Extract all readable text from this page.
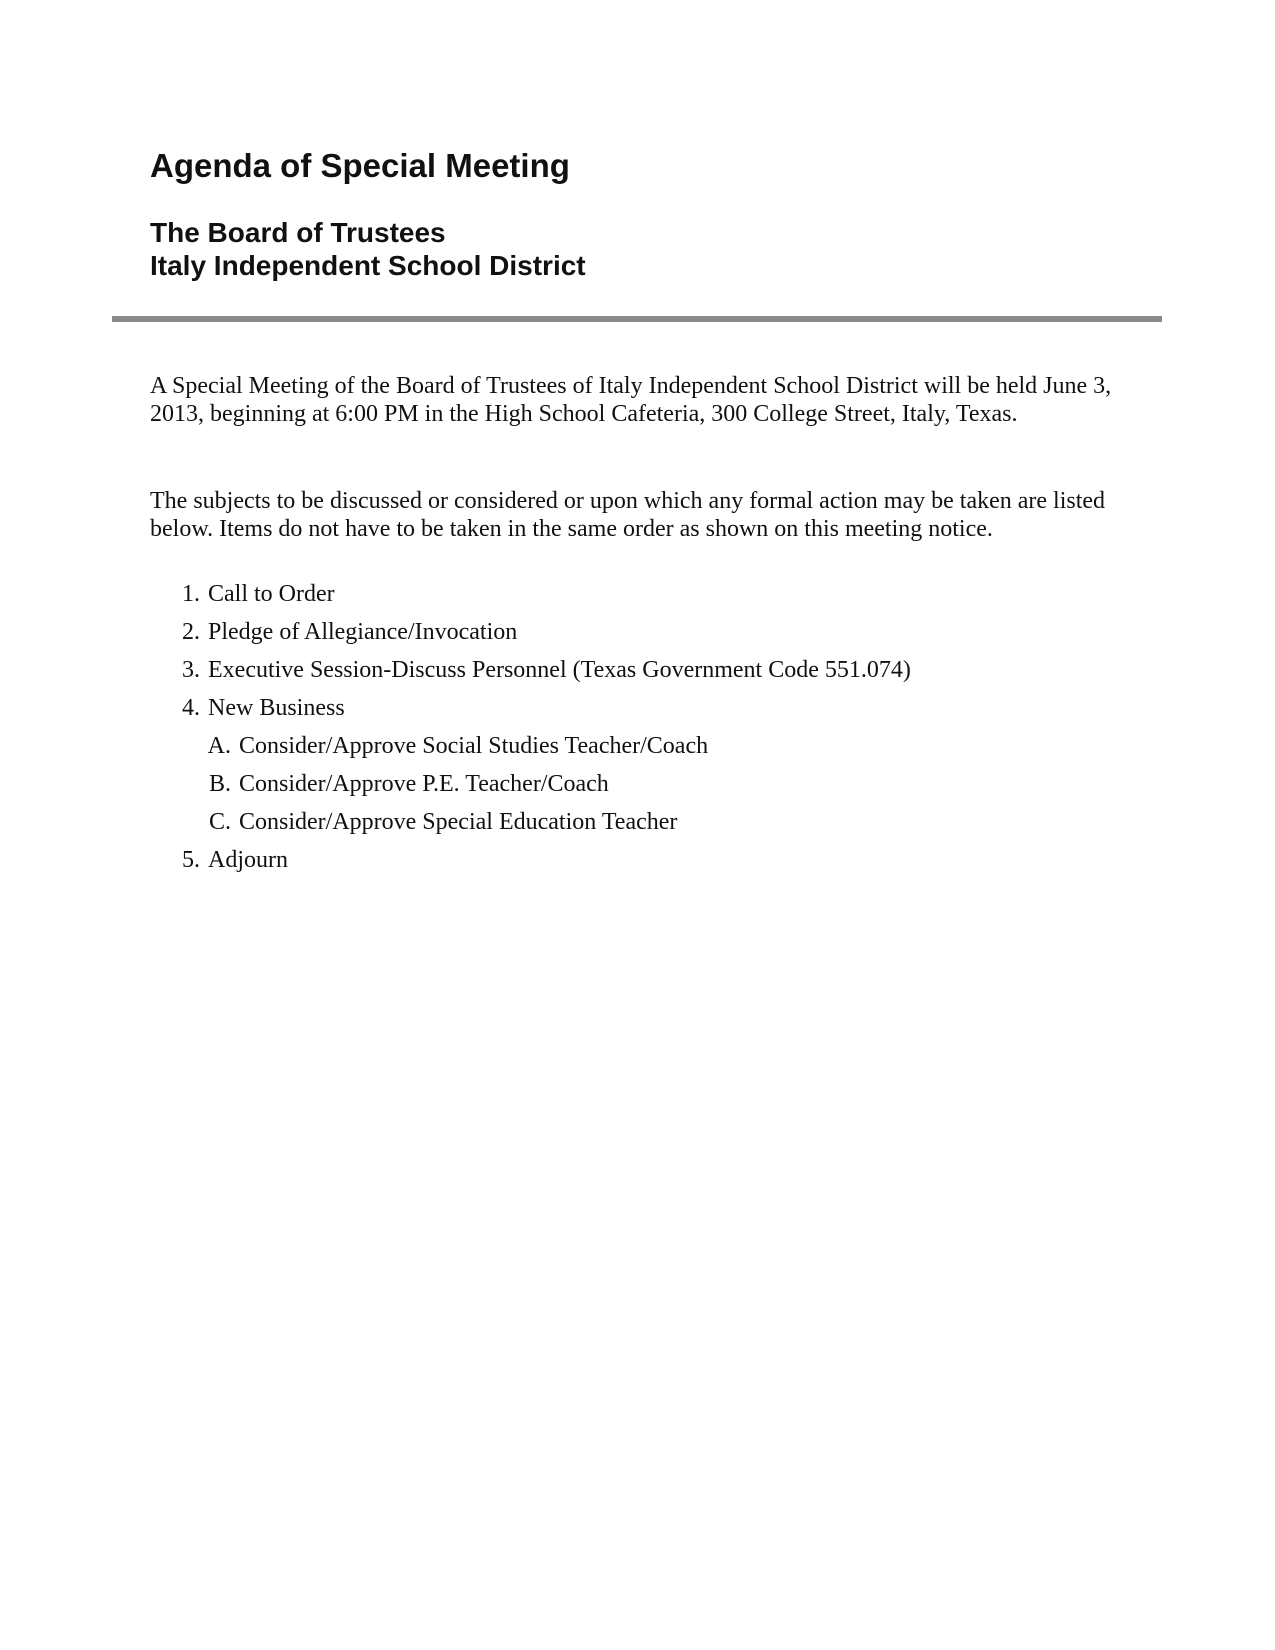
Agenda of Special Meeting
The Board of Trustees
Italy Independent School District

A Special Meeting of the Board of Trustees of Italy Independent School District will be held June 3, 2013, beginning at 6:00 PM in the High School Cafeteria, 300 College Street, Italy, Texas.

The subjects to be discussed or considered or upon which any formal action may be taken are listed below. Items do not have to be taken in the same order as shown on this meeting notice.

1. Call to Order
2. Pledge of Allegiance/Invocation
3. Executive Session-Discuss Personnel (Texas Government Code 551.074)
4. New Business
A. Consider/Approve Social Studies Teacher/Coach
B. Consider/Approve P.E. Teacher/Coach
C. Consider/Approve Special Education Teacher
5. Adjourn
